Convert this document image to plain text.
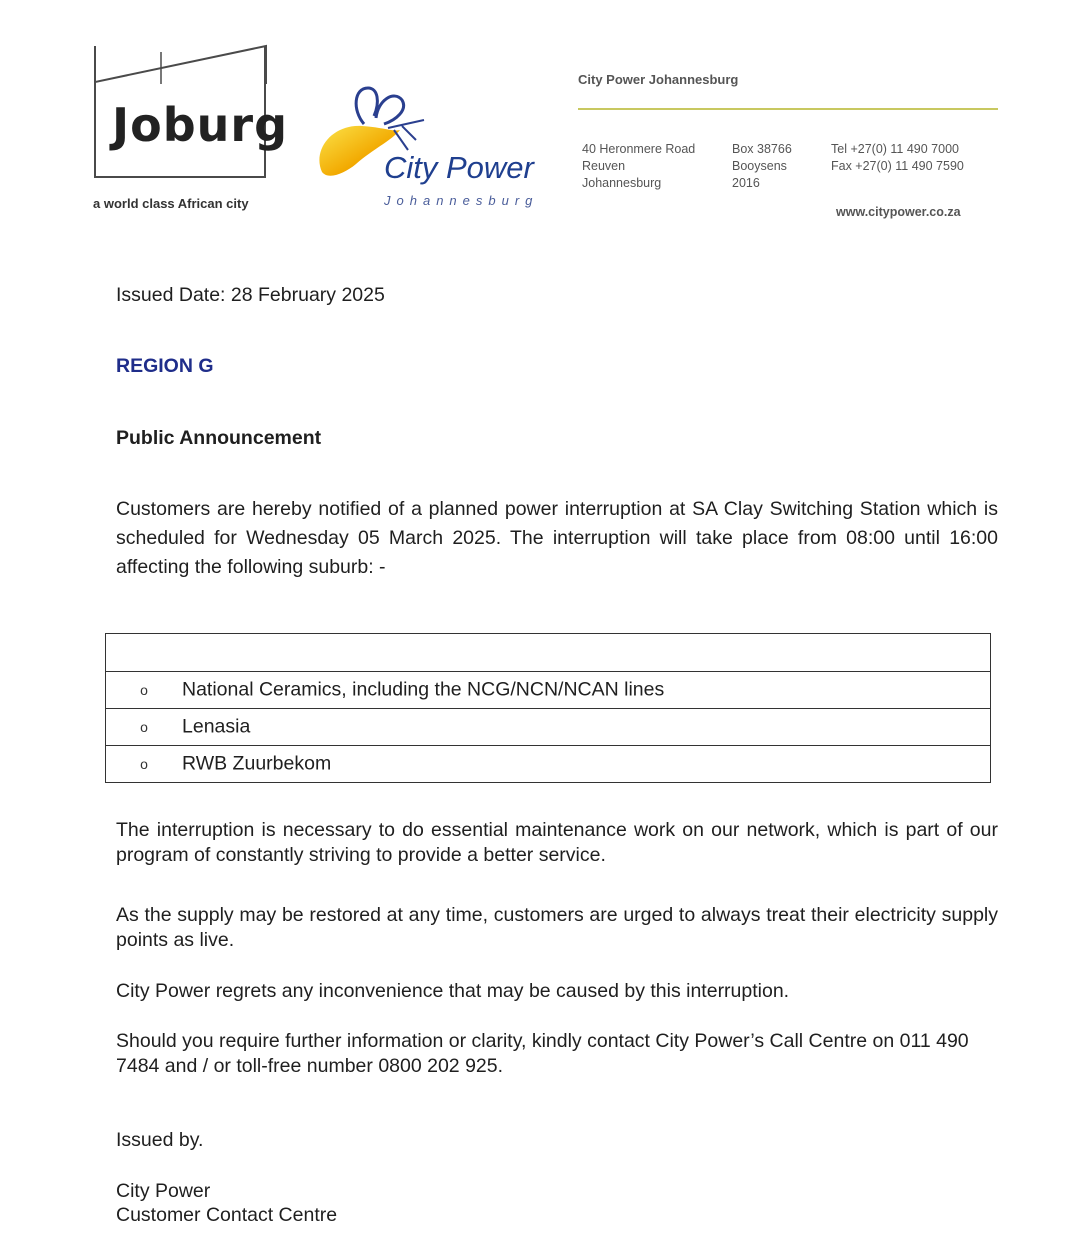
Joburg
a world class African city
City Power
Johannesburg
City Power Johannesburg
40 Heronmere Road
Reuven
Johannesburg
Box 38766
Booysens
2016
Tel +27(0) 11 490 7000
Fax +27(0) 11 490 7590
www.citypower.co.za
Issued Date: 28 February 2025
REGION G
Public Announcement
Customers are hereby notified of a planned power interruption at SA Clay Switching Station which is scheduled for Wednesday 05 March 2025. The interruption will take place from 08:00 until 16:00 affecting the following suburb: -

o National Ceramics, including the NCG/NCN/NCAN lines
o Lenasia
o RWB Zuurbekom
The interruption is necessary to do essential maintenance work on our network, which is part of our program of constantly striving to provide a better service.
As the supply may be restored at any time, customers are urged to always treat their electricity supply points as live.
City Power regrets any inconvenience that may be caused by this interruption.
Should you require further information or clarity, kindly contact City Power’s Call Centre on 011 490 7484 and / or toll-free number 0800 202 925.
Issued by.
City Power
Customer Contact Centre
